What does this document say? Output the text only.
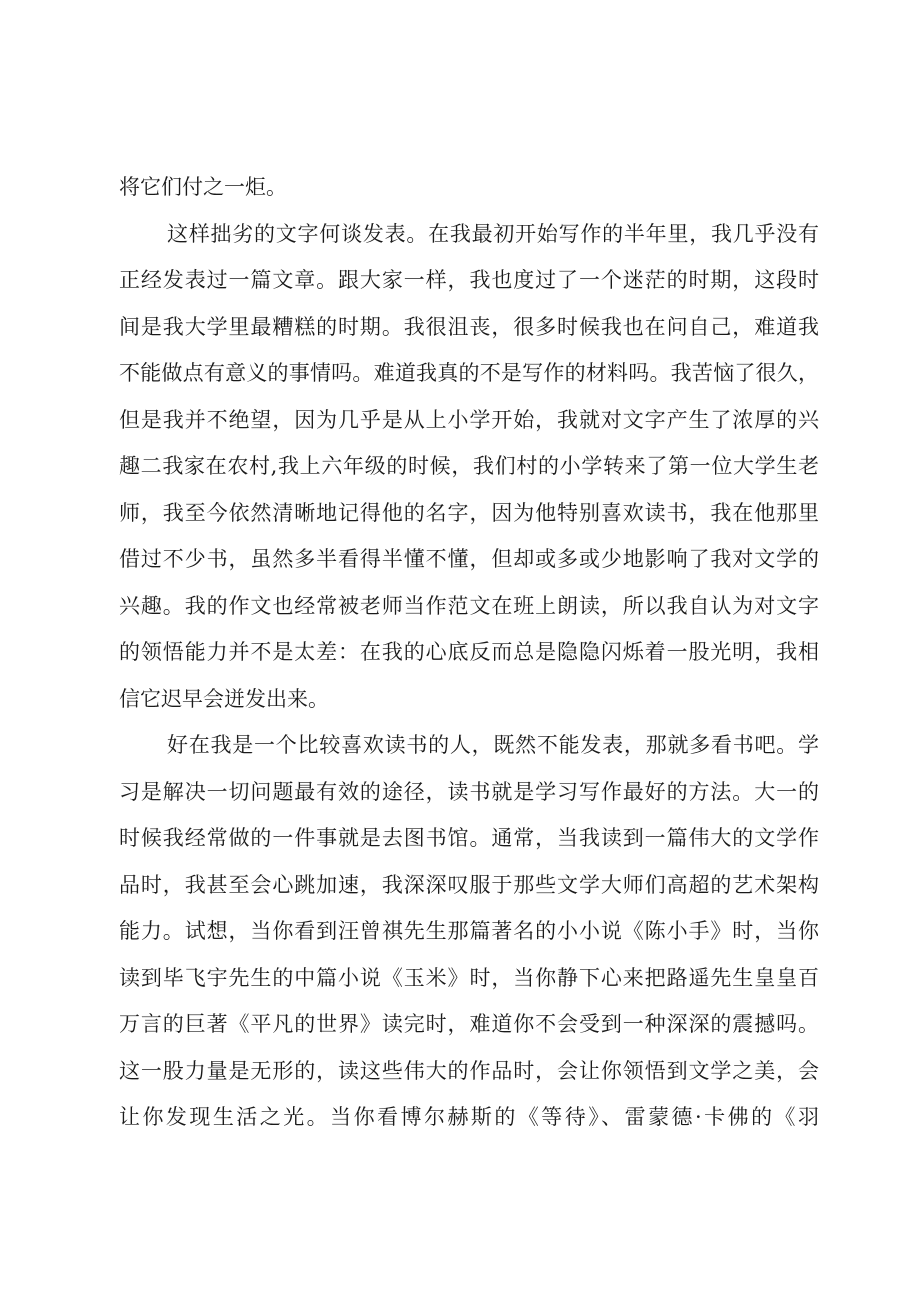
将它们付之一炬。
这样拙劣的文字何谈发表。在我最初开始写作的半年里，我几乎没有
正经发表过一篇文章。跟大家一样，我也度过了一个迷茫的时期，这段时
间是我大学里最糟糕的时期。我很沮丧，很多时候我也在问自己，难道我
不能做点有意义的事情吗。难道我真的不是写作的材料吗。我苦恼了很久，
但是我并不绝望，因为几乎是从上小学开始，我就对文字产生了浓厚的兴
趣二我家在农村,我上六年级的时候，我们村的小学转来了第一位大学生老
师，我至今依然清晰地记得他的名字，因为他特别喜欢读书，我在他那里
借过不少书，虽然多半看得半懂不懂，但却或多或少地影响了我对文学的
兴趣。我的作文也经常被老师当作范文在班上朗读，所以我自认为对文字
的领悟能力并不是太差：在我的心底反而总是隐隐闪烁着一股光明，我相
信它迟早会迸发出来。
好在我是一个比较喜欢读书的人，既然不能发表，那就多看书吧。学
习是解决一切问题最有效的途径，读书就是学习写作最好的方法。大一的
时候我经常做的一件事就是去图书馆。通常，当我读到一篇伟大的文学作
品时，我甚至会心跳加速，我深深叹服于那些文学大师们高超的艺术架构
能力。试想，当你看到汪曾祺先生那篇著名的小小说《陈小手》时，当你
读到毕飞宇先生的中篇小说《玉米》时，当你静下心来把路遥先生皇皇百
万言的巨著《平凡的世界》读完时，难道你不会受到一种深深的震撼吗。
这一股力量是无形的，读这些伟大的作品时，会让你领悟到文学之美，会
让你发现生活之光。当你看博尔赫斯的《等待》、雷蒙德·卡佛的《羽
